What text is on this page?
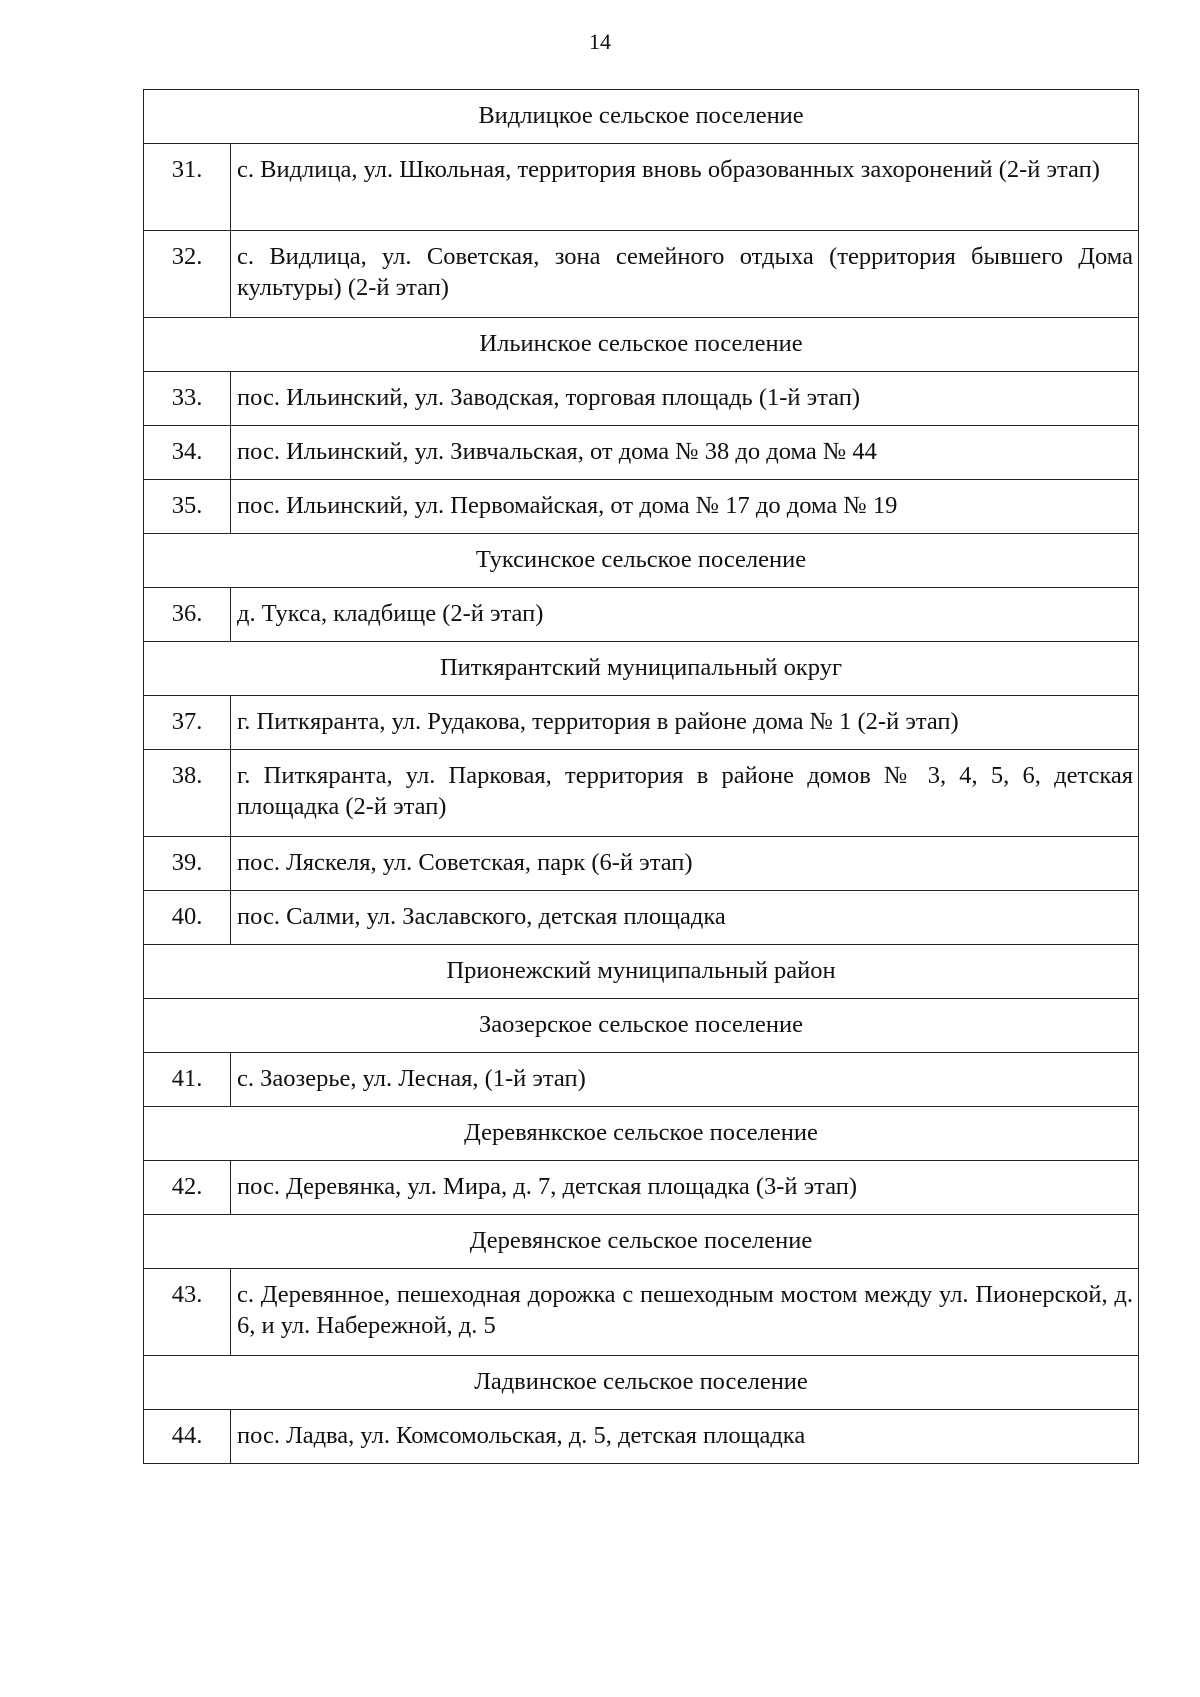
14
Видлицкое сельское поселение	
31.	с. Видлица, ул. Школьная, территория вновь образованных захоронений (2-й этап)
32.	с. Видлица, ул. Советская, зона семейного отдыха (территория бывшего Дома культуры) (2-й этап)
Ильинское сельское поселение	
33.	пос. Ильинский, ул. Заводская, торговая площадь (1-й этап)
34.	пос. Ильинский, ул. Зивчальская, от дома № 38 до дома № 44
35.	пос. Ильинский, ул. Первомайская, от дома № 17 до дома № 19
Туксинское сельское поселение	
36.	д. Тукса, кладбище (2-й этап)
Питкярантский муниципальный округ	
37.	г. Питкяранта, ул. Рудакова, территория в районе дома № 1 (2-й этап)
38.	г. Питкяранта, ул. Парковая, территория в районе домов № 3, 4, 5, 6, детская площадка (2-й этап)
39.	пос. Ляскеля, ул. Советская, парк (6-й этап)
40.	пос. Салми, ул. Заславского, детская площадка
Прионежский муниципальный район	
Заозерское сельское поселение	
41.	с. Заозерье, ул. Лесная, (1-й этап)
Деревянкское сельское поселение	
42.	пос. Деревянка, ул. Мира, д. 7, детская площадка (3-й этап)
Деревянское сельское поселение	
43.	с. Деревянное, пешеходная дорожка с пешеходным мостом между ул. Пионерской, д. 6, и ул. Набережной, д. 5
Ладвинское сельское поселение	
44.	пос. Ладва, ул. Комсомольская, д. 5, детская площадка
